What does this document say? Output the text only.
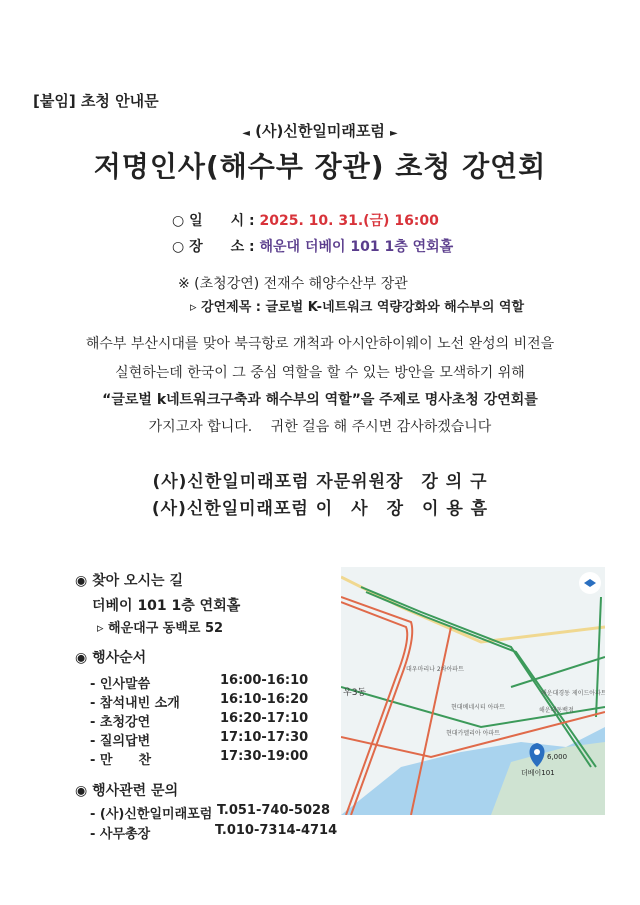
[붙임] 초청 안내문
◄ (사)신한일미래포럼 ►
저명인사(해수부 장관) 초청 강연회
○ 일　　시 : 2025. 10. 31.(금) 16:00
○ 장　　소 : 해운대 더베이 101 1층 연회홀
※ (초청강연) 전재수 해양수산부 장관
▹ 강연제목 : 글로벌 K-네트워크 역량강화와 해수부의 역할
해수부 부산시대를 맞아 북극항로 개척과 아시안하이웨이 노선 완성의 비전을
실현하는데 한국이 그 중심 역할을 할 수 있는 방안을 모색하기 위해
“글로벌 k네트워크구축과 해수부의 역할”을 주제로 명사초청 강연회를
가지고자 합니다.　 귀한 걸음 해 주시면 감사하겠습니다
(사)신한일미래포럼 자문위원장　강 의 구
(사)신한일미래포럼 이　사　장　이 용 흠
◉ 찾아 오시는 길
더베이 101 1층 연회홀
▹ 해운대구 동백로 52
◉ 행사순서
- 인사말씀	16:00-16:10
- 참석내빈 소개	16:10-16:20
- 초청강연	16:20-17:10
- 질의답변	17:10-17:30
- 만　　찬	17:30-19:00
◉ 행사관련 문의
- (사)신한일미래포럼 T.051-740-5028
- 사무총장	T.010-7314-4714
대우마리나 2차아파트
현대베네시티 아파트
현대카멜리아 아파트
해운대경동 제이드아파트
해운대동백점
우3동
더베이101
6,000
